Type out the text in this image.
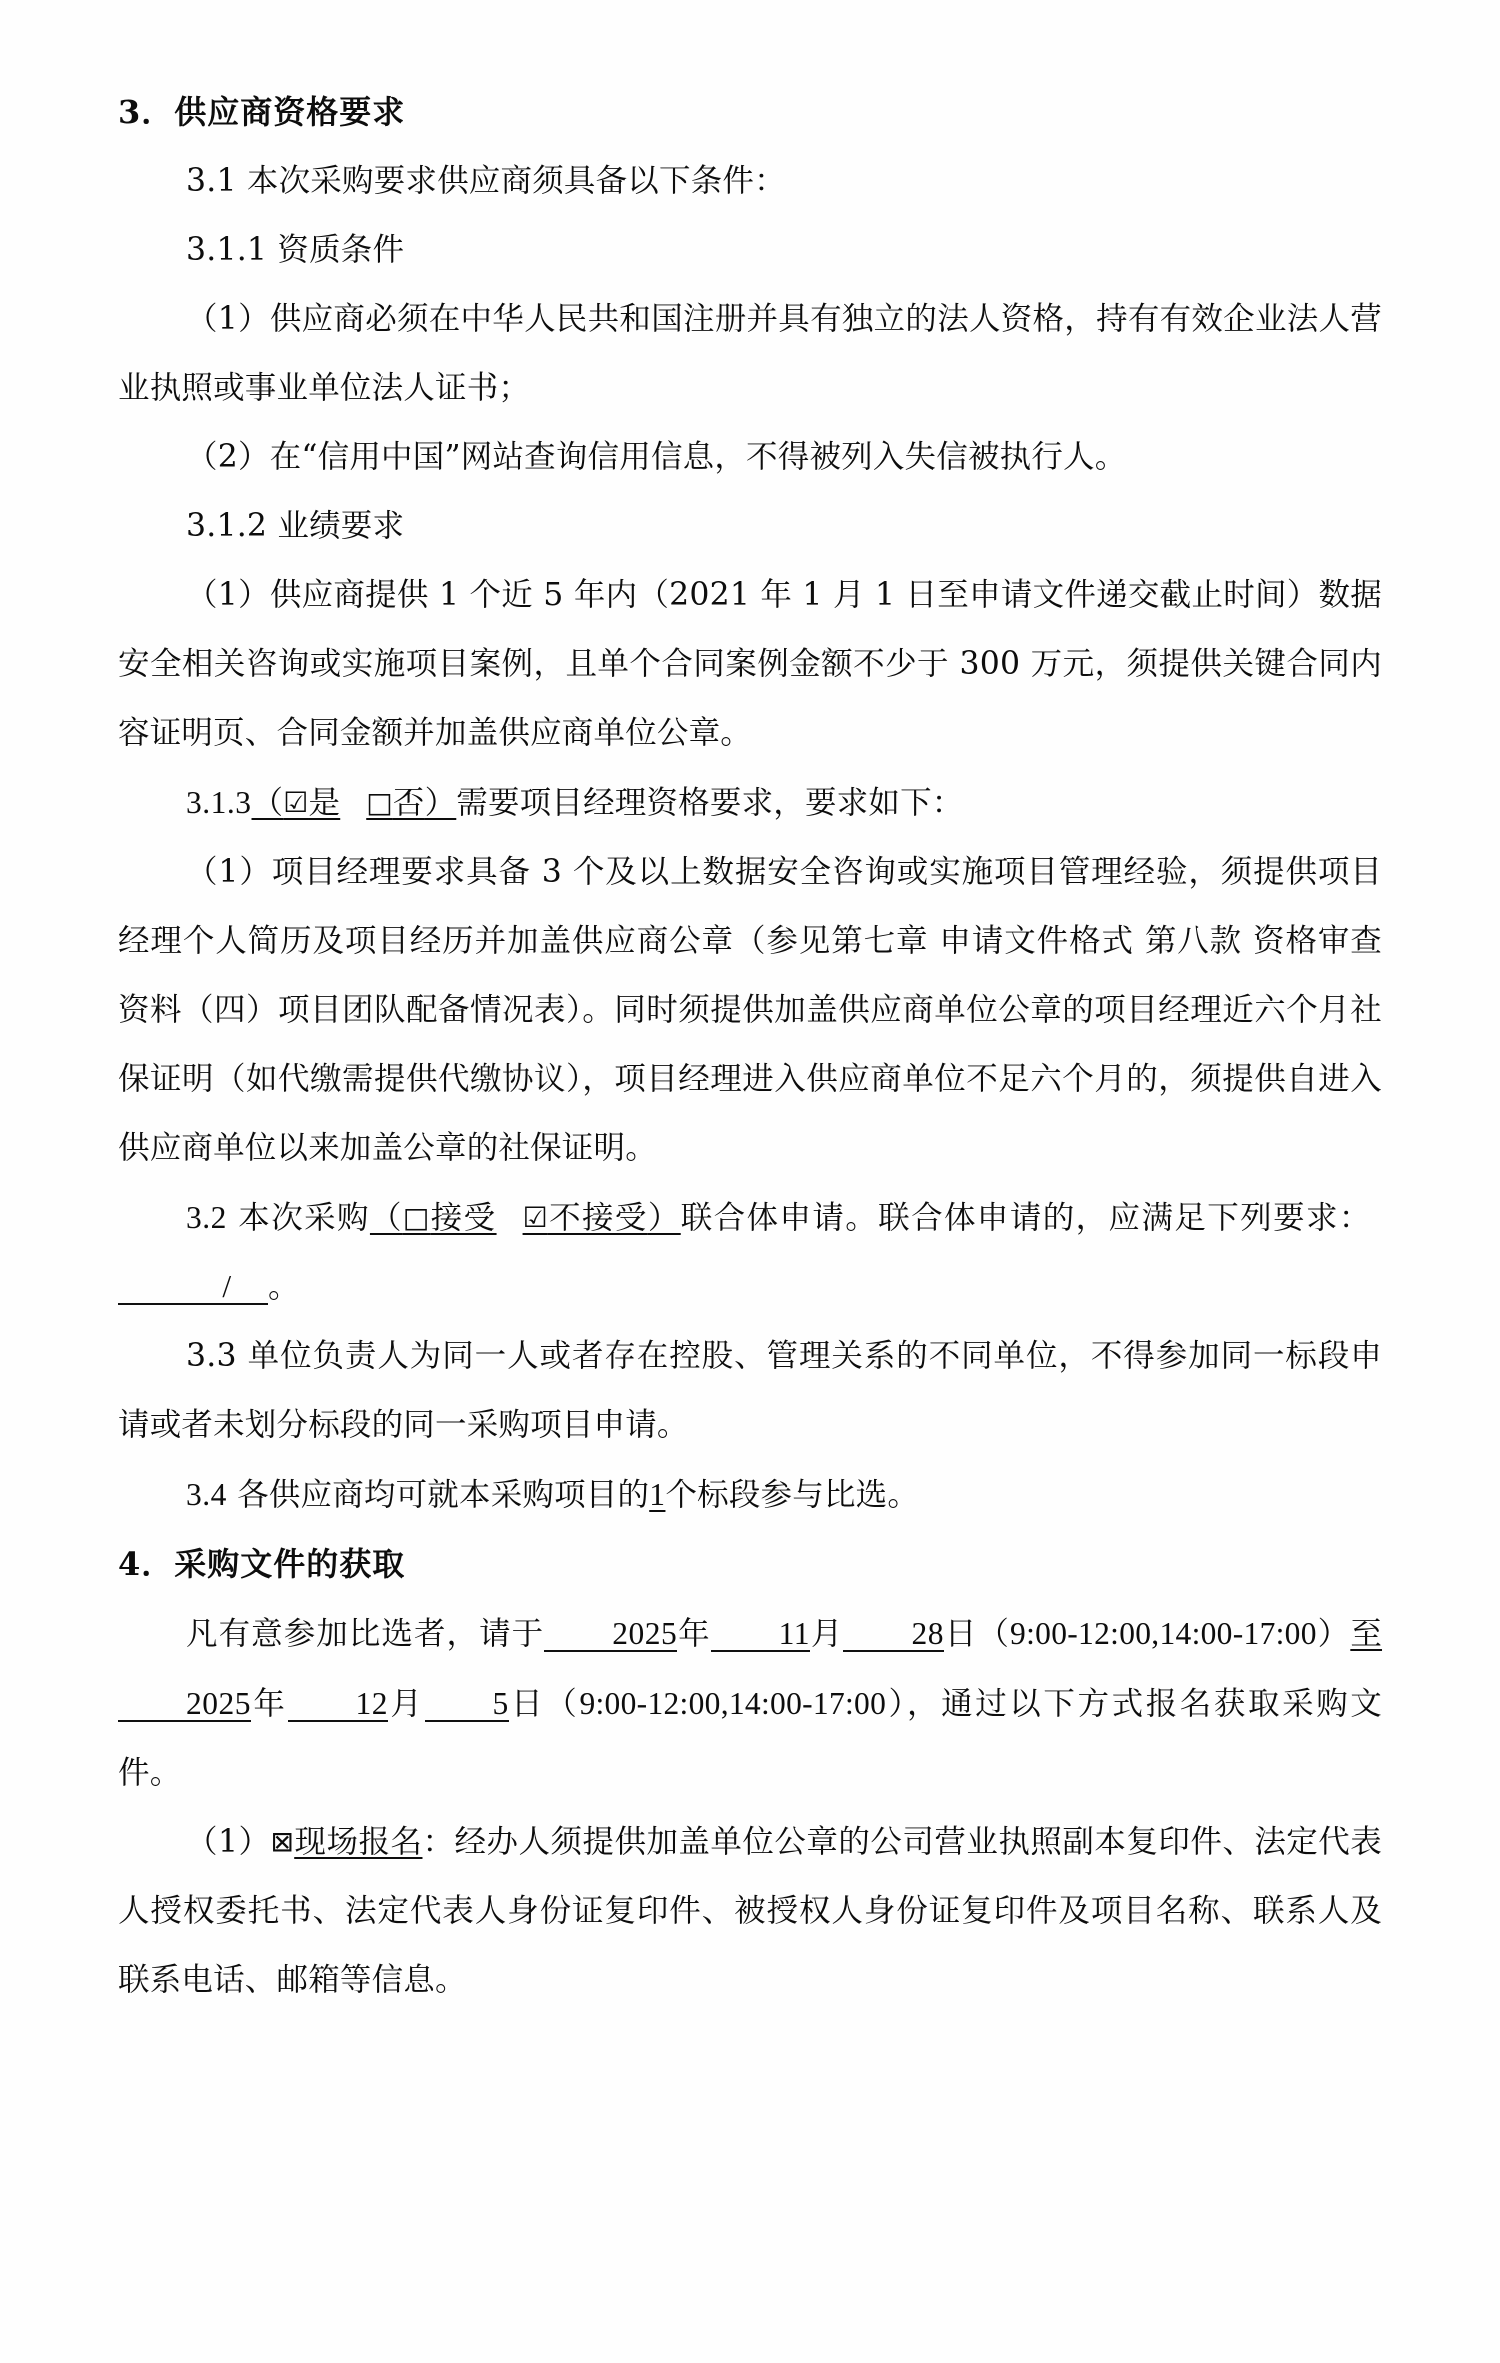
3．供应商资格要求

3.1 本次采购要求供应商须具备以下条件：

3.1.1 资质条件

（1）供应商必须在中华人民共和国注册并具有独立的法人资格，持有有效企业法人营业执照或事业单位法人证书；

（2）在“信用中国”网站查询信用信息，不得被列入失信被执行人。

3.1.2 业绩要求

（1）供应商提供 1 个近 5 年内（2021 年 1 月 1 日至申请文件递交截止时间）数据安全相关咨询或实施项目案例，且单个合同案例金额不少于 300 万元，须提供关键合同内容证明页、合同金额并加盖供应商单位公章。

3.1.3（☑是 □否）需要项目经理资格要求，要求如下：

（1）项目经理要求具备 3 个及以上数据安全咨询或实施项目管理经验，须提供项目经理个人简历及项目经历并加盖供应商公章（参见第七章 申请文件格式 第八款 资格审查资料（四）项目团队配备情况表）。同时须提供加盖供应商单位公章的项目经理近六个月社保证明（如代缴需提供代缴协议），项目经理进入供应商单位不足六个月的，须提供自进入供应商单位以来加盖公章的社保证明。

3.2 本次采购（□接受 ☑不接受）联合体申请。联合体申请的，应满足下列要求： / 。

3.3 单位负责人为同一人或者存在控股、管理关系的不同单位，不得参加同一标段申请或者未划分标段的同一采购项目申请。

3.4 各供应商均可就本采购项目的1个标段参与比选。

4．采购文件的获取

凡有意参加比选者，请于 2025年 11月 28日（9:00-12:00,14:00-17:00）至2025年 12月 5日（9:00-12:00,14:00-17:00），通过以下方式报名获取采购文件。

（1）⊠现场报名：经办人须提供加盖单位公章的公司营业执照副本复印件、法定代表人授权委托书、法定代表人身份证复印件、被授权人身份证复印件及项目名称、联系人及联系电话、邮箱等信息。
